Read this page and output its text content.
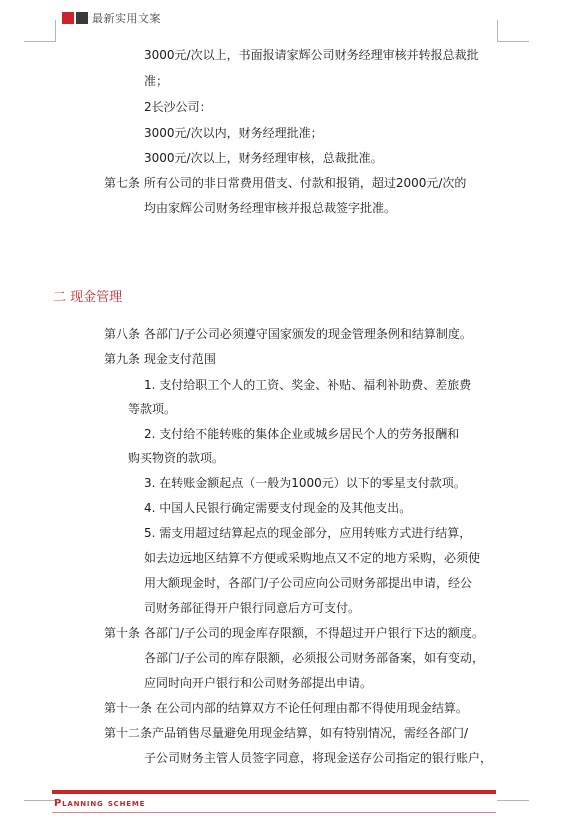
最新实用文案
3000元/次以上，书面报请家辉公司财务经理审核并转报总裁批
准；
2长沙公司：
3000元/次以内，财务经理批准；
3000元/次以上，财务经理审核，总裁批准。
第七条 所有公司的非日常费用借支、付款和报销，超过2000元/次的
均由家辉公司财务经理审核并报总裁签字批准。
二 现金管理
第八条 各部门/子公司必须遵守国家颁发的现金管理条例和结算制度。
第九条 现金支付范围
1. 支付给职工个人的工资、奖金、补贴、福利补助费、差旅费
等款项。
2. 支付给不能转账的集体企业或城乡居民个人的劳务报酬和
购买物资的款项。
3. 在转账金额起点（一般为1000元）以下的零星支付款项。
4. 中国人民银行确定需要支付现金的及其他支出。
5. 需支用超过结算起点的现金部分，应用转账方式进行结算，
如去边远地区结算不方便或采购地点又不定的地方采购，必须使
用大额现金时，各部门/子公司应向公司财务部提出申请，经公
司财务部征得开户银行同意后方可支付。
第十条 各部门/子公司的现金库存限额，不得超过开户银行下达的额度。
各部门/子公司的库存限额，必须报公司财务部备案，如有变动，
应同时向开户银行和公司财务部提出申请。
第十一条 在公司内部的结算双方不论任何理由都不得使用现金结算。
第十二条产品销售尽量避免用现金结算，如有特别情况，需经各部门/
子公司财务主管人员签字同意，将现金送存公司指定的银行账户，
Planning scheme
